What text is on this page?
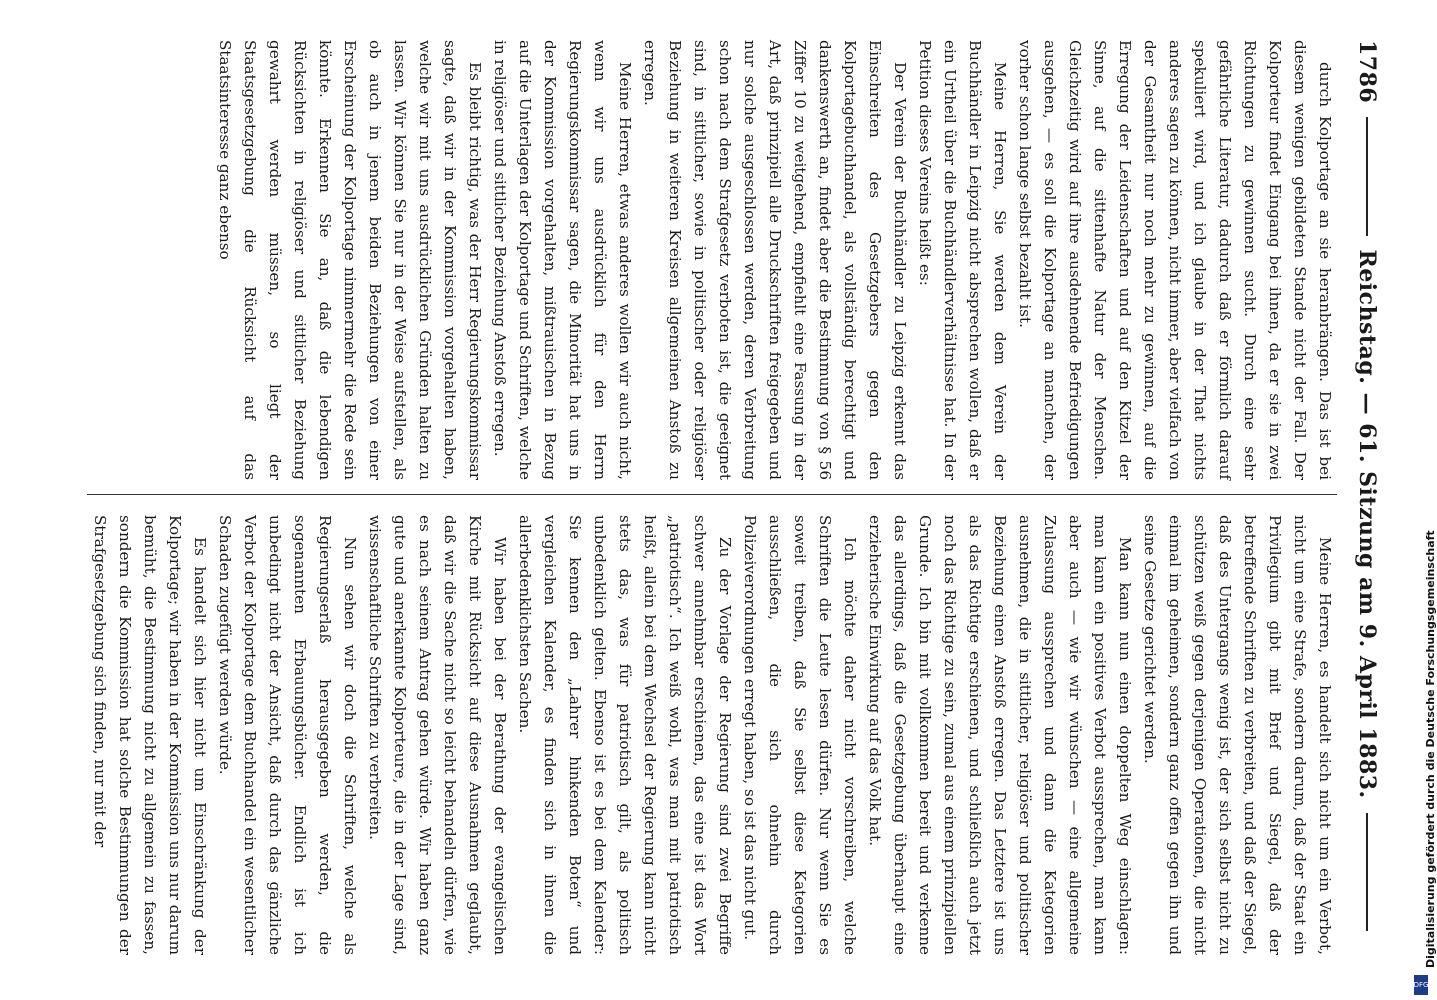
1786
Reichstag. — 61. Sitzung am 9. April 1883.

durch Kolportage an sie heranbrängen. Das ist bei diesem wenigen gebildeten Stande nicht der Fall. Der Kolporteur findet Eingang bei ihnen, da er sie in zwei Richtungen zu gewinnen sucht. Durch eine sehr gefährliche Literatur, dadurch daß er förmlich darauf spekuliert wird, und ich glaube in der That nichts anderes sagen zu können, nicht immer, aber vielfach von der Gesamtheit nur noch mehr zu gewinnen, auf die Erregung der Leidenschaften und auf den Kitzel der Sinne, auf die sittenhafte Natur der Menschen. Gleichzeitig wird auf ihre ausdehnende Befriedigungen ausgehen, — es soll die Kolportage an manchen, der vorher schon lange selbst bezahlt ist.

Meine Herren, Sie werden dem Verein der Buchhändler in Leipzig nicht absprechen wollen, daß er ein Urtheil über die Buchhändlerverhältnisse hat. In der Petition dieses Vereins heißt es:

Der Verein der Buchhändler zu Leipzig erkennt das Einschreiten des Gesetzgebers gegen den Kolportagebuchhandel, als vollständig berechtigt und dankenswerth an, findet aber die Bestimmung von § 56 Ziffer 10 zu weitgehend, empfiehlt eine Fassung in der Art, daß prinzipiell alle Druckschriften freigegeben und nur solche ausgeschlossen werden, deren Verbreitung schon nach dem Strafgesetz verboten ist, die geeignet sind, in sittlicher, sowie in politischer oder religiöser Beziehung in weiteren Kreisen allgemeinen Anstoß zu erregen.

Meine Herren, etwas anderes wollen wir auch nicht, wenn wir uns ausdrücklich für den Herrn Regierungskommissar sagen, die Minorität hat uns in der Kommission vorgehalten, mißtrauischen in Bezug auf die Unterlagen der Kolportage und Schriften, welche in religiöser und sittlicher Beziehung Anstoß erregen.

Es bleibt richtig, was der Herr Regierungskommissar sagte, daß wir in der Kommission vorgehalten haben, welche wir mit uns ausdrücklichen Gründen halten zu lassen. Wir können Sie nur in der Weise aufstellen, als ob auch in jenem beiden Beziehungen von einer Erscheinung der Kolportage nimmermehr die Rede sein könnte. Erkennen Sie an, daß die lebendigen Rücksichten in religiöser und sittlicher Beziehung gewahrt werden müssen, so liegt der Staatsgesetzgebung die Rücksicht auf das Staatsinteresse ganz ebenso

Meine Herren, es handelt sich nicht um ein Verbot, nicht um eine Strafe, sondern darum, daß der Staat ein Privilegium gibt mit Brief und Siegel, daß der betreffende Schriften zu verbreiten, und daß der Siegel, daß des Untergangs wenig ist, der sich selbst nicht zu schützen weiß gegen derjenigen Operationen, die nicht einmal im geheimen, sondern ganz offen gegen ihn und seine Gesetze gerichtet werden.

Man kann nun einen doppelten Weg einschlagen: man kann ein positives Verbot aussprechen, man kann aber auch — wie wir wünschen — eine allgemeine Zulassung aussprechen und dann die Kategorien ausnehmen, die in sittlicher, religiöser und politischer Beziehung einen Anstoß erregen. Das Letztere ist uns als das Richtige erschienen, und schließlich auch jetzt noch das Richtige zu sein, zumal aus einem prinzipiellen Grunde. Ich bin mit vollkommen bereit und verkenne das allerdings, daß die Gesetzgebung überhaupt eine erzieherische Einwirkung auf das Volk hat.

Ich möchte daher nicht vorschreiben, welche Schriften die Leute lesen dürfen. Nur wenn Sie es soweit treiben, daß Sie selbst diese Kategorien ausschließen, die sich ohnehin durch Polizeiverordnungen erregt haben, so ist das nicht gut.

Zu der Vorlage der Regierung sind zwei Begriffe schwer annehmbar erschienen, das eine ist das Wort „patriotisch“. Ich weiß wohl, was man mit patriotisch heißt, allein bei dem Wechsel der Regierung kann nicht stets das, was für patriotisch gilt, als politisch unbedenklich gelten. Ebenso ist es bei dem Kalender: Sie kennen den „Lahrer hinkenden Boten“ und vergleichen Kalender, es finden sich in ihnen die allerbedenklichsten Sachen.

Wir haben bei der Berathung der evangelischen Kirche mit Rücksicht auf diese Ausnahmen geglaubt, daß wir die Sache nicht so leicht behandeln dürfen, wie es nach seinem Antrag gehen würde. Wir haben ganz gute und anerkannte Kolporteure, die in der Lage sind, wissenschaftliche Schriften zu verbreiten.

Nun sehen wir doch die Schriften, welche als Regierungserlaß herausgegeben werden, die sogenannten Erbauungsbücher. Endlich ist ich unbedingt nicht der Ansicht, daß durch das gänzliche Verbot der Kolportage dem Buchhandel ein wesentlicher Schaden zugefügt werden würde.

Es handelt sich hier nicht um Einschränkung der Kolportage; wir haben in der Kommission uns nur darum bemüht, die Bestimmung nicht zu allgemein zu fassen, sondern die Kommission hat solche Bestimmungen der Strafgesetzgebung sich finden, nur mit der	Digitalisierung gefördert durch die Deutsche Forschungsgemeinschaft
DFG
